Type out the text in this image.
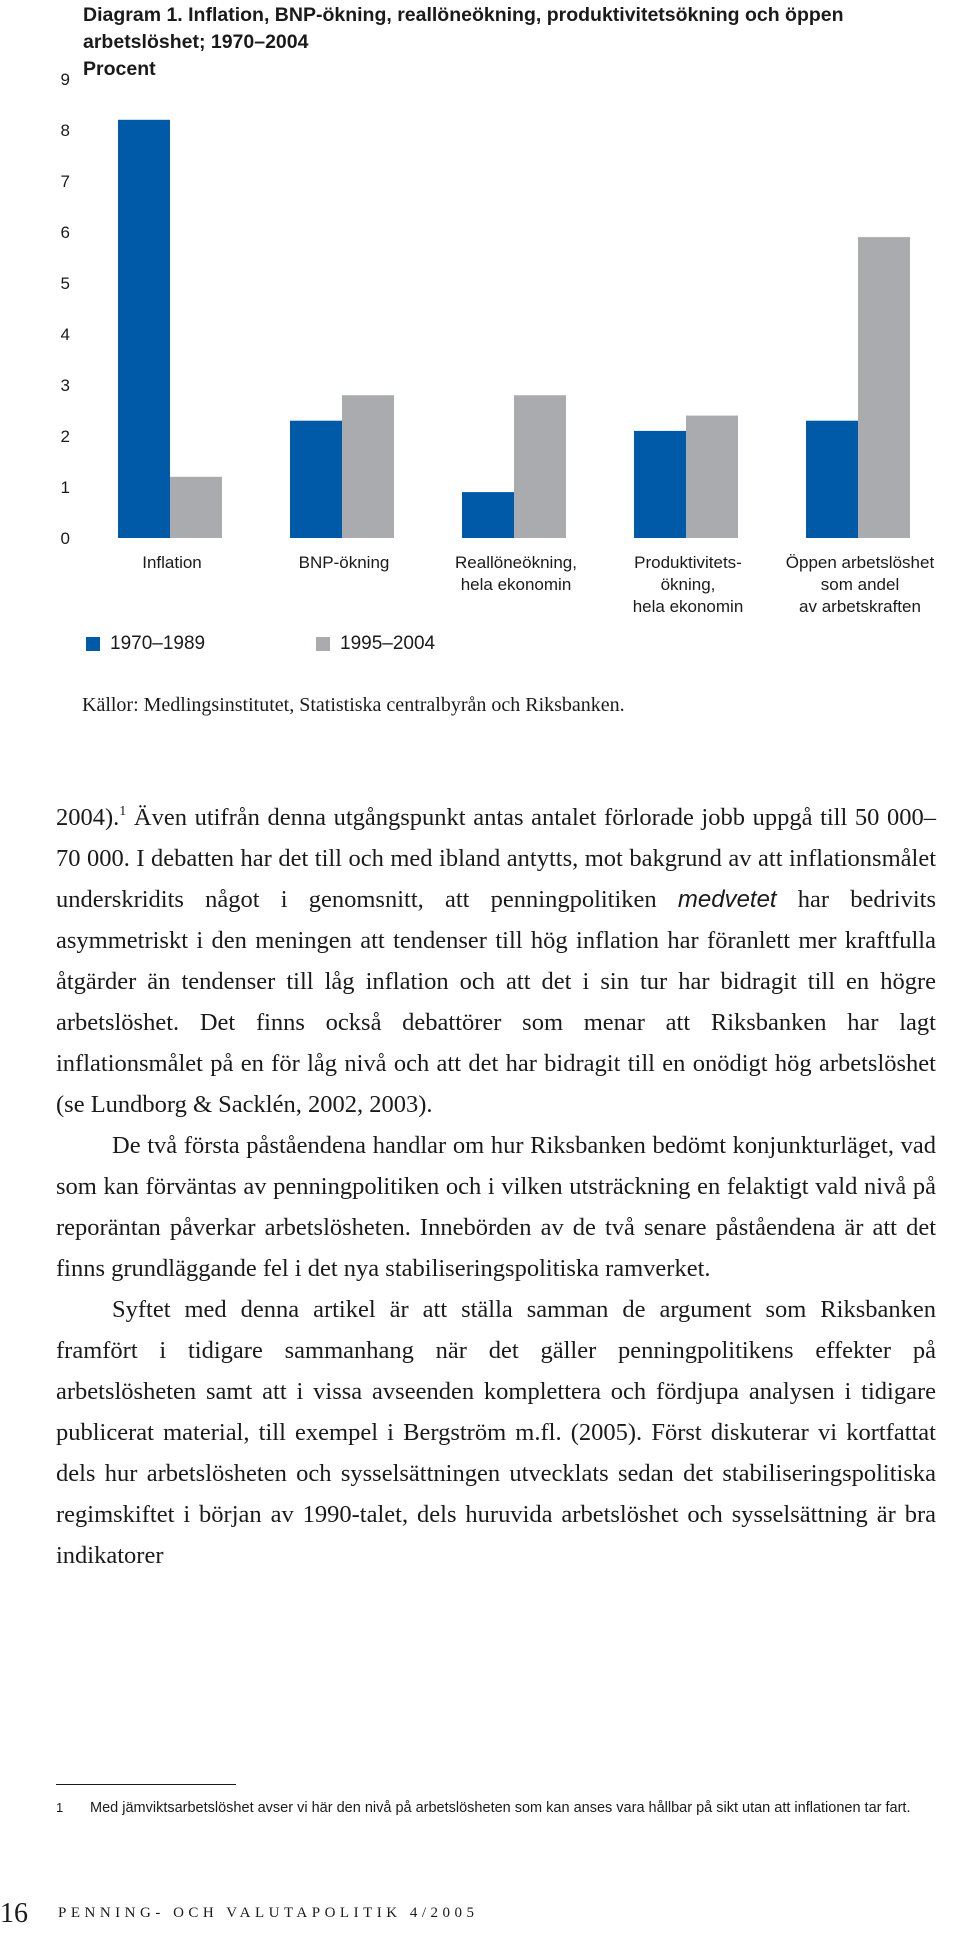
Diagram 1. Inflation, BNP-ökning, reallöneökning, produktivitetsökning och öppen
arbetslöshet; 1970–2004
Procent
0
1
2
3
4
5
6
7
8
9
Inflation	BNP-ökning	Reallöneökning,
hela ekonomin
Produktivitets-
ökning,
hela ekonomin
Öppen arbetslöshet
som andel
av arbetskraften
1970–1989	1995–2004
Källor: Medlingsinstitutet, Statistiska centralbyrån och Riksbanken.

2004).$^1$ Även utifrån denna utgångspunkt antas antalet förlorade jobb uppgå till 50 000–70 000. I debatten har det till och med ibland antytts, mot bakgrund av att inflationsmålet underskridits något i genomsnitt, att penningpolitiken medvetet har bedrivits asymmetriskt i den meningen att tendenser till hög inflation har föranlett mer kraftfulla åtgärder än tendenser till låg inflation och att det i sin tur har bidragit till en högre arbetslöshet. Det finns också debattörer som menar att Riksbanken har lagt inflationsmålet på en för låg nivå och att det har bidragit till en onödigt hög arbetslöshet (se Lundborg & Sacklén, 2002, 2003).

De två första påståendena handlar om hur Riksbanken bedömt konjunkturläget, vad som kan förväntas av penningpolitiken och i vilken utsträckning en felaktigt vald nivå på reporäntan påverkar arbetslösheten. Innebörden av de två senare påståendena är att det finns grundläggande fel i det nya stabiliseringspolitiska ramverket.

Syftet med denna artikel är att ställa samman de argument som Riksbanken framfört i tidigare sammanhang när det gäller penningpolitikens effekter på arbetslösheten samt att i vissa avseenden komplettera och fördjupa analysen i tidigare publicerat material, till exempel i Bergström m.fl. (2005). Först diskuterar vi kortfattat dels hur arbetslösheten och sysselsättningen utvecklats sedan det stabiliseringspolitiska regimskiftet i början av 1990-talet, dels huruvida arbetslöshet och sysselsättning är bra indikatorer

1 Med jämviktsarbetslöshet avser vi här den nivå på arbetslösheten som kan anses vara hållbar på sikt utan att inflationen tar fart.
16 PENNING- OCH VALUTAPOLITIK 4/2005
